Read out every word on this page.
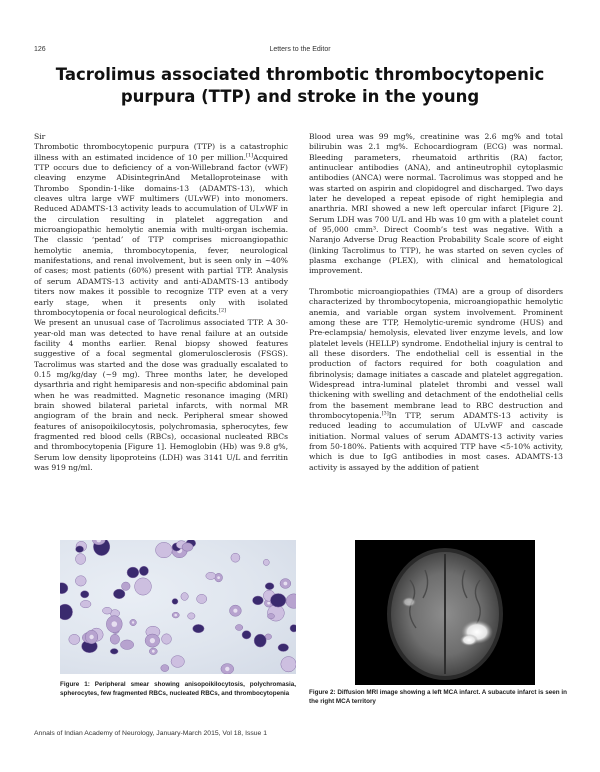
126	Letters to the Editor
Tacrolimus associated thrombotic thrombocytopenic purpura (TTP) and stroke in the young

Sir

Thrombotic thrombocytopenic purpura (TTP) is a catastrophic illness with an estimated incidence of 10 per million.[1]Acquired TTP occurs due to deficiency of a von-Willebrand factor (vWF) cleaving enzyme ADisintegrinAnd Metalloproteinase with Thrombo Spondin-1-like domains-13 (ADAMTS-13), which cleaves ultra large vWF multimers (ULvWF) into monomers. Reduced ADAMTS-13 activity leads to accumulation of ULvWF in the circulation resulting in platelet aggregation and microangiopathic hemolytic anemia with multi-organ ischemia. The classic ‘pentad’ of TTP comprises microangiopathic hemolytic anemia, thrombocytopenia, fever, neurological manifestations, and renal involvement, but is seen only in ~40% of cases; most patients (60%) present with partial TTP. Analysis of serum ADAMTS-13 activity and anti-ADAMTS-13 antibody titers now makes it possible to recognize TTP even at a very early stage, when it presents only with isolated thrombocytopenia or focal neurological deficits.[2]

We present an unusual case of Tacrolimus associated TTP. A 30-year-old man was detected to have renal failure at an outside facility 4 months earlier. Renal biopsy showed features suggestive of a focal segmental glomerulosclerosis (FSGS). Tacrolimus was started and the dose was gradually escalated to 0.15 mg/kg/day (~9 mg). Three months later, he developed dysarthria and right hemiparesis and non-specific abdominal pain when he was readmitted. Magnetic resonance imaging (MRI) brain showed bilateral parietal infarcts, with normal MR angiogram of the brain and neck. Peripheral smear showed features of anisopoikilocytosis, polychromasia, spherocytes, few fragmented red blood cells (RBCs), occasional nucleated RBCs and thrombocytopenia [Figure 1]. Hemoglobin (Hb) was 9.8 g%, Serum low density lipoproteins (LDH) was 3141 U/L and ferritin was 919 ng/ml.

Blood urea was 99 mg%, creatinine was 2.6 mg% and total bilirubin was 2.1 mg%. Echocardiogram (ECG) was normal. Bleeding parameters, rheumatoid arthritis (RA) factor, antinuclear antibodies (ANA), and antineutrophil cytoplasmic antibodies (ANCA) were normal. Tacrolimus was stopped and he was started on aspirin and clopidogrel and discharged. Two days later he developed a repeat episode of right hemiplegia and anarthria. MRI showed a new left opercular infarct [Figure 2]. Serum LDH was 700 U/L and Hb was 10 gm with a platelet count of 95,000 cmm³. Direct Coomb’s test was negative. With a Naranjo Adverse Drug Reaction Probability Scale score of eight (linking Tacrolimus to TTP), he was started on seven cycles of plasma exchange (PLEX), with clinical and hematological improvement.

Thrombotic microangiopathies (TMA) are a group of disorders characterized by thrombocytopenia, microangiopathic hemolytic anemia, and variable organ system involvement. Prominent among these are TTP, Hemolytic-uremic syndrome (HUS) and Pre-eclampsia/ hemolysis, elevated liver enzyme levels, and low platelet levels (HELLP) syndrome. Endothelial injury is central to all these disorders. The endothelial cell is essential in the production of factors required for both coagulation and fibrinolysis; damage initiates a cascade and platelet aggregation. Widespread intra-luminal platelet thrombi and vessel wall thickening with swelling and detachment of the endothelial cells from the basement membrane lead to RBC destruction and thrombocytopenia.[3]In TTP, serum ADAMTS-13 activity is reduced leading to accumulation of ULvWF and cascade initiation. Normal values of serum ADAMTS-13 activity varies from 50-180%. Patients with acquired TTP have <5-10% activity, which is due to IgG antibodies in most cases. ADAMTS-13 activity is assayed by the addition of patient

Figure 1: Peripheral smear showing anisopoikilocytosis, polychromasia, spherocytes, few fragmented RBCs, nucleated RBCs, and thrombocytopenia	Figure 2: Diffusion MRI image showing a left MCA infarct. A subacute infarct is seen in the right MCA territory
Annals of Indian Academy of Neurology, January-March 2015, Vol 18, Issue 1
